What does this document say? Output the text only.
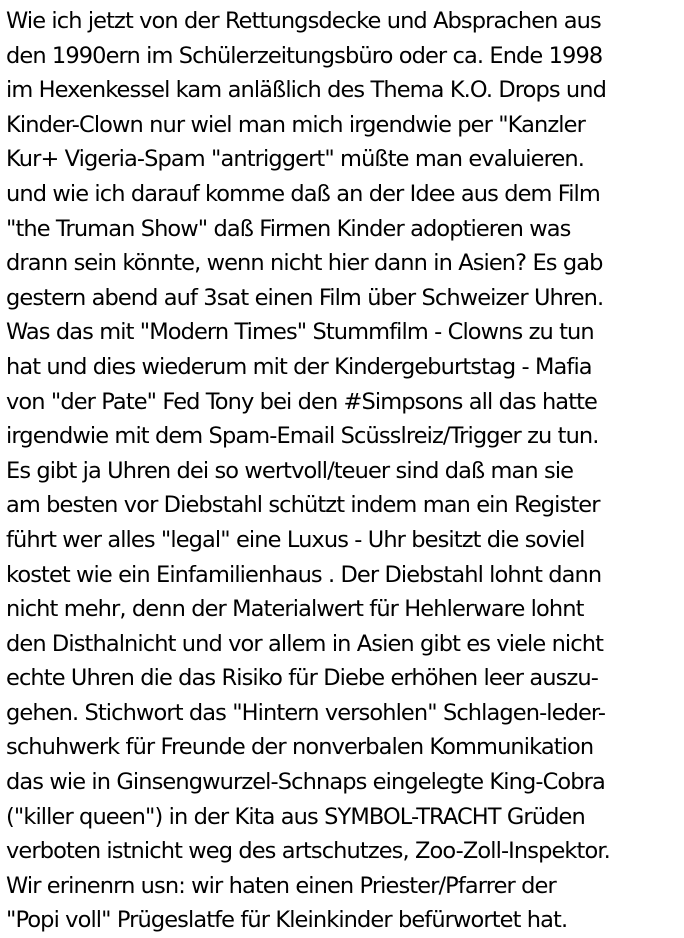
Wie ich jetzt von der Rettungsdecke und Absprachen aus
den 1990ern im Schülerzeitungsbüro oder ca. Ende 1998
im Hexenkessel kam anläßlich des Thema K.O. Drops und
Kinder-Clown nur wiel man mich irgendwie per "Kanzler
Kur+ Vigeria-Spam "antriggert" müßte man evaluieren.
und wie ich darauf komme daß an der Idee aus dem Film
"the Truman Show" daß Firmen Kinder adoptieren was
drann sein könnte, wenn nicht hier dann in Asien? Es gab
gestern abend auf 3sat einen Film über Schweizer Uhren.
Was das mit "Modern Times" Stummfilm - Clowns zu tun
hat und dies wiederum mit der Kindergeburtstag - Mafia
von "der Pate" Fed Tony bei den #Simpsons all das hatte
irgendwie mit dem Spam-Email Scüsslreiz/Trigger zu tun.
Es gibt ja Uhren dei so wertvoll/teuer sind daß man sie
am besten vor Diebstahl schützt indem man ein Register
führt wer alles "legal" eine Luxus - Uhr besitzt die soviel
kostet wie ein Einfamilienhaus . Der Diebstahl lohnt dann
nicht mehr, denn der Materialwert für Hehlerware lohnt
den Disthalnicht und vor allem in Asien gibt es viele nicht
echte Uhren die das Risiko für Diebe erhöhen leer auszu-
gehen. Stichwort das "Hintern versohlen" Schlagen-leder-
schuhwerk für Freunde der nonverbalen Kommunikation
das wie in Ginsengwurzel-Schnaps eingelegte King-Cobra
("killer queen") in der Kita aus SYMBOL-TRACHT Grüden
verboten istnicht weg des artschutzes, Zoo-Zoll-Inspektor.
Wir erinenrn usn: wir haten einen Priester/Pfarrer der
"Popi voll" Prügeslatfe für Kleinkinder befürwortet hat.
